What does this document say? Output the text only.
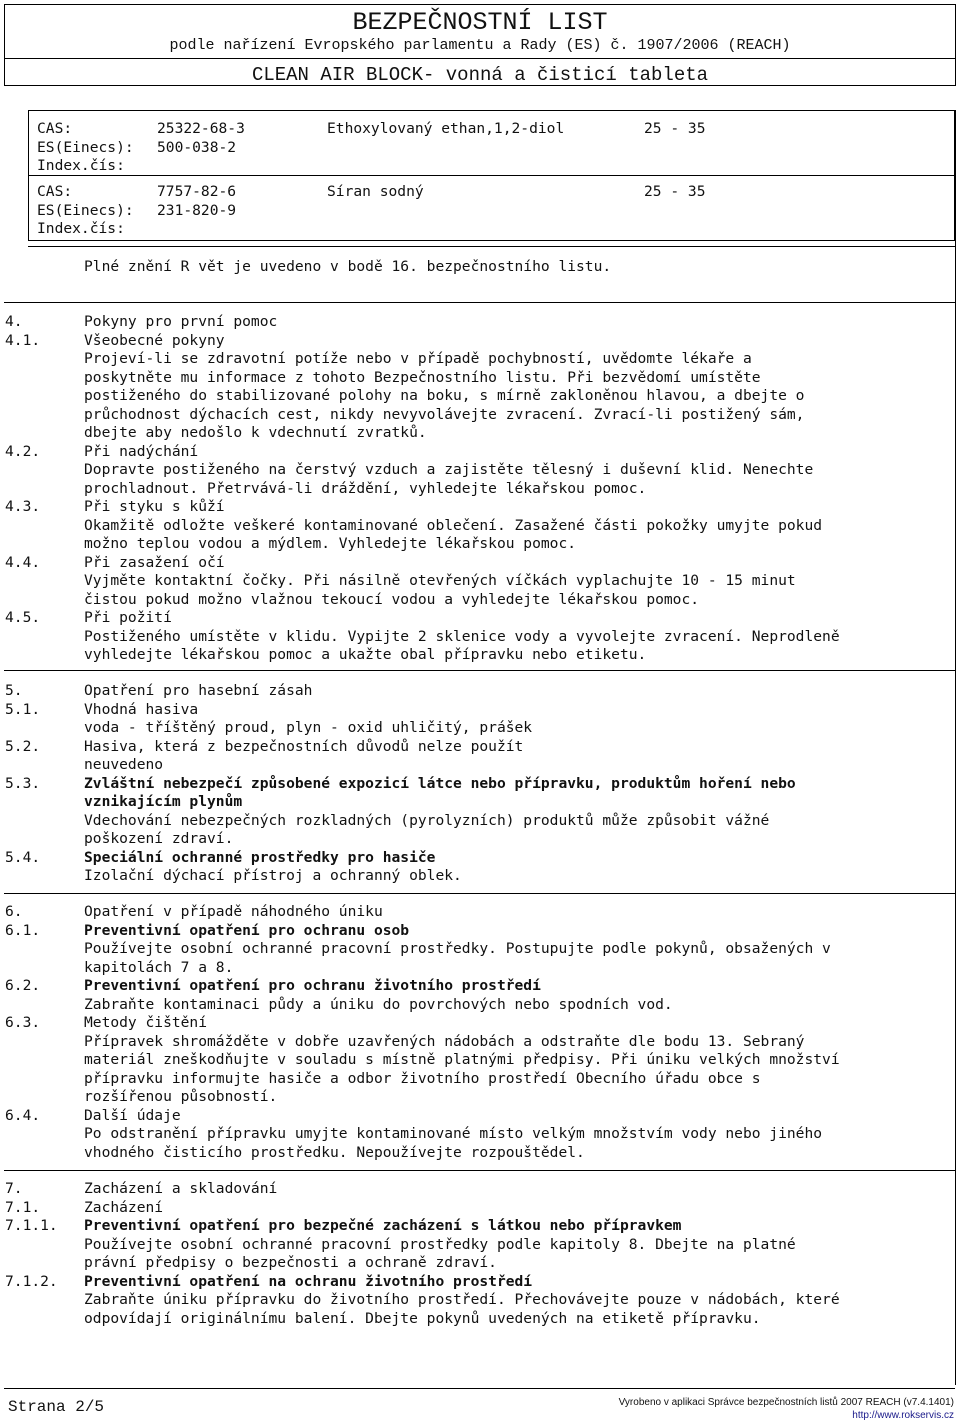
BEZPEČNOSTNÍ LIST
podle nařízení Evropského parlamentu a Rady (ES) č. 1907/2006 (REACH)
CLEAN AIR BLOCK- vonná a čisticí tableta
CAS:	25322-68-3	Ethoxylovaný ethan,1,2-diol	25 - 35
ES(Einecs): 500-038-2
Index.čís:
CAS:	7757-82-6	Síran sodný	25 - 35
ES(Einecs): 231-820-9
Index.čís:
Plné znění R vět je uvedeno v bodě 16. bezpečnostního listu.
4.	Pokyny pro první pomoc
4.1.	Všeobecné pokyny
Projeví-li se zdravotní potíže nebo v případě pochybností, uvědomte lékaře a
poskytněte mu informace z tohoto Bezpečnostního listu. Při bezvědomí umístěte
postiženého do stabilizované polohy na boku, s mírně zakloněnou hlavou, a dbejte o
průchodnost dýchacích cest, nikdy nevyvolávejte zvracení. Zvrací-li postižený sám,
dbejte aby nedošlo k vdechnutí zvratků.
4.2.	Při nadýchání
Dopravte postiženého na čerstvý vzduch a zajistěte tělesný i duševní klid. Nenechte
prochladnout. Přetrvává-li dráždění, vyhledejte lékařskou pomoc.
4.3.	Při styku s kůží
Okamžitě odložte veškeré kontaminované oblečení. Zasažené části pokožky umyjte pokud
možno teplou vodou a mýdlem. Vyhledejte lékařskou pomoc.
4.4.	Při zasažení očí
Vyjměte kontaktní čočky. Při násilně otevřených víčkách vyplachujte 10 - 15 minut
čistou pokud možno vlažnou tekoucí vodou a vyhledejte lékařskou pomoc.
4.5.	Při požití
Postiženého umístěte v klidu. Vypijte 2 sklenice vody a vyvolejte zvracení. Neprodleně
vyhledejte lékařskou pomoc a ukažte obal přípravku nebo etiketu.
5.	Opatření pro hasební zásah
5.1.	Vhodná hasiva
voda - tříštěný proud, plyn - oxid uhličitý, prášek
5.2.	Hasiva, která z bezpečnostních důvodů nelze použít
neuvedeno
5.3.	Zvláštní nebezpečí způsobené expozicí látce nebo přípravku, produktům hoření nebo
vznikajícím plynům
Vdechování nebezpečných rozkladných (pyrolyzních) produktů může způsobit vážné
poškození zdraví.
5.4.	Speciální ochranné prostředky pro hasiče
Izolační dýchací přístroj a ochranný oblek.
6.	Opatření v případě náhodného úniku
6.1.	Preventivní opatření pro ochranu osob
Používejte osobní ochranné pracovní prostředky. Postupujte podle pokynů, obsažených v
kapitolách 7 a 8.
6.2.	Preventivní opatření pro ochranu životního prostředí
Zabraňte kontaminaci půdy a úniku do povrchových nebo spodních vod.
6.3.	Metody čištění
Přípravek shromážděte v dobře uzavřených nádobách a odstraňte dle bodu 13. Sebraný
materiál zneškodňujte v souladu s místně platnými předpisy. Při úniku velkých množství
přípravku informujte hasiče a odbor životního prostředí Obecního úřadu obce s
rozšířenou působností.
6.4.	Další údaje
Po odstranění přípravku umyjte kontaminované místo velkým množstvím vody nebo jiného
vhodného čisticího prostředku. Nepoužívejte rozpouštědel.
7.	Zacházení a skladování
7.1.	Zacházení
7.1.1. Preventivní opatření pro bezpečné zacházení s látkou nebo přípravkem
Používejte osobní ochranné pracovní prostředky podle kapitoly 8. Dbejte na platné
právní předpisy o bezpečnosti a ochraně zdraví.
7.1.2. Preventivní opatření na ochranu životního prostředí
Zabraňte úniku přípravku do životního prostředí. Přechovávejte pouze v nádobách, které
odpovídají originálnímu balení. Dbejte pokynů uvedených na etiketě přípravku.
Strana 2/5	Vyrobeno v aplikaci Správce bezpečnostních listů 2007 REACH (v7.4.1401)
http://www.rokservis.cz
